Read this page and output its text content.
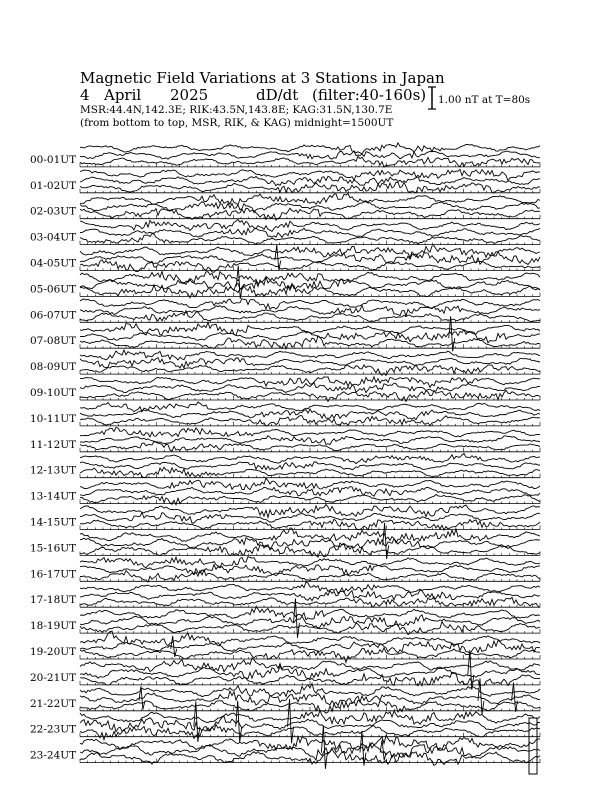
Magnetic Field Variations at 3 Stations in Japan
4 April 2025	dD/dt (filter:40-160s)
MSR:44.4N,142.3E; RIK:43.5N,143.8E; KAG:31.5N,130.7E
(from bottom to top, MSR, RIK, & KAG) midnight=1500UT
1.00 nT at T=80s
00-01UT
01-02UT
02-03UT
03-04UT
04-05UT
05-06UT
06-07UT
07-08UT
08-09UT
09-10UT
10-11UT
11-12UT
12-13UT
13-14UT
14-15UT
15-16UT
16-17UT
17-18UT
18-19UT
19-20UT
20-21UT
21-22UT
22-23UT
23-24UT
